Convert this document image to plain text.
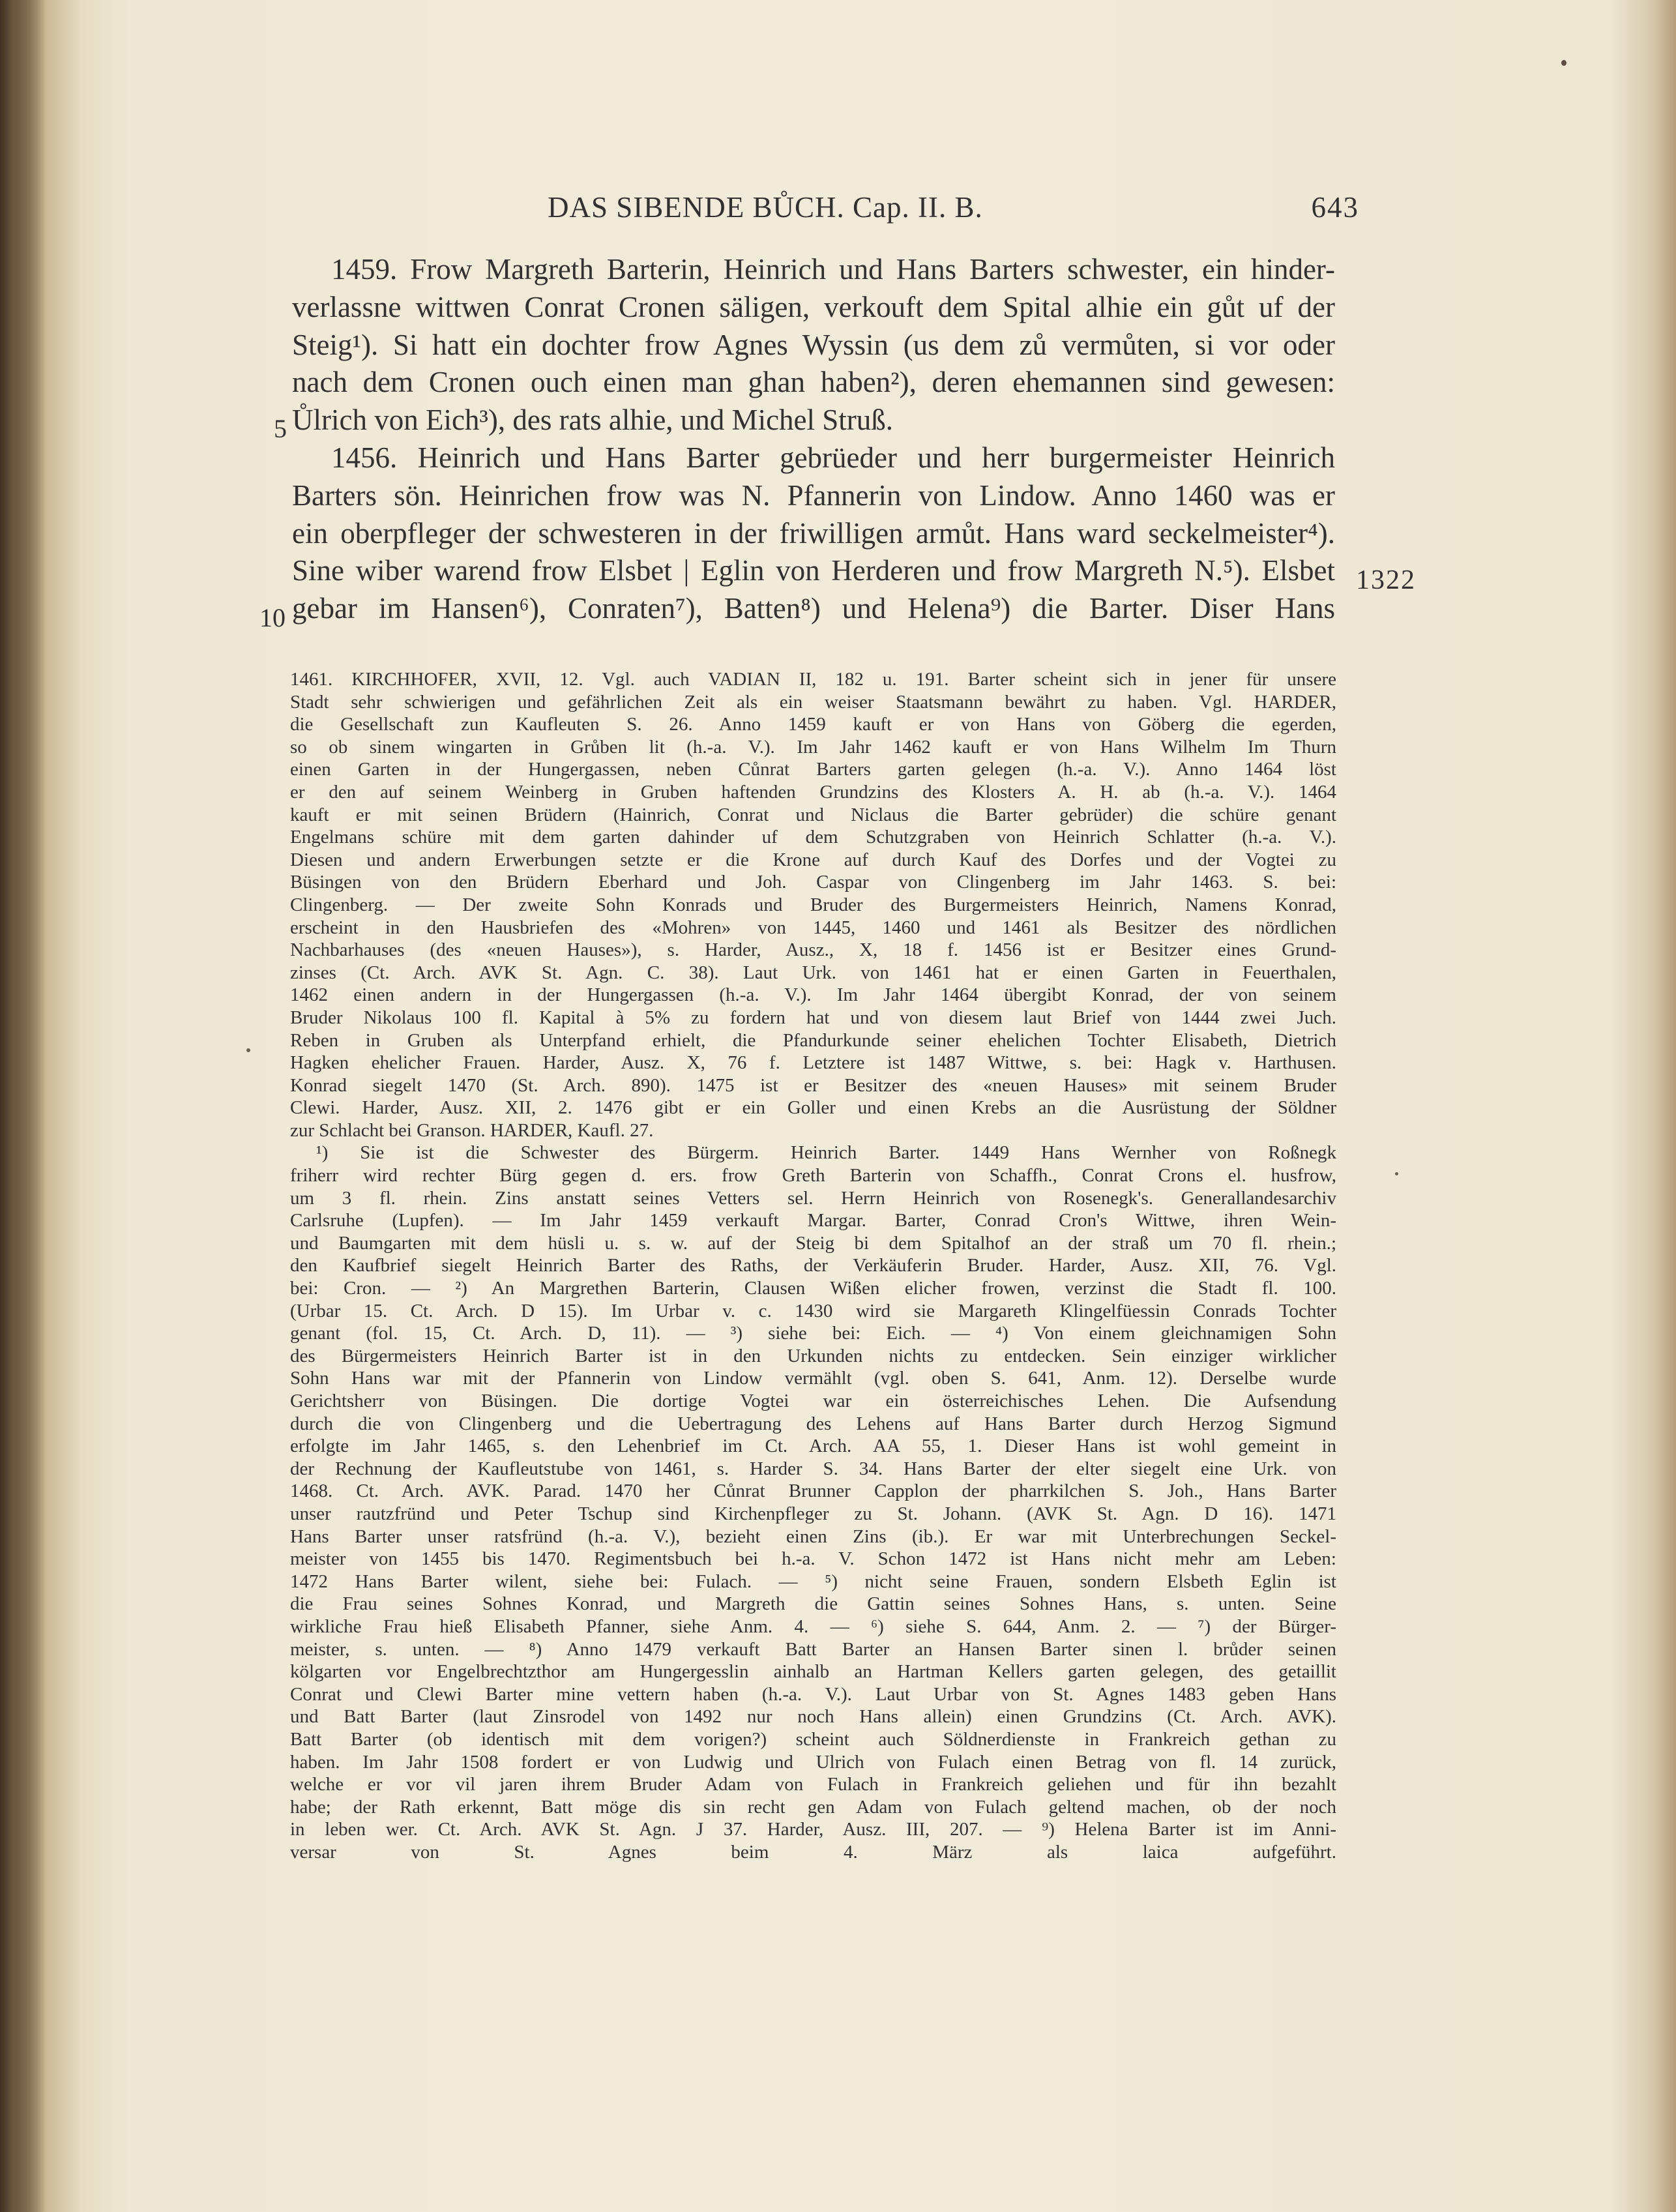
DAS SIBENDE BŮCH. Cap. II. B.	643
5
10
1322
1459. Frow Margreth Barterin, Heinrich und Hans Barters schwester, ein hinder-
verlassne wittwen Conrat Cronen säligen, verkouft dem Spital alhie ein gůt uf der
Steig¹). Si hatt ein dochter frow Agnes Wyssin (us dem zů vermůten, si vor oder
nach dem Cronen ouch einen man ghan haben²), deren ehemannen sind gewesen:
Ůlrich von Eich³), des rats alhie, und Michel Struß.
1456. Heinrich und Hans Barter gebrüeder und herr burgermeister Heinrich
Barters sön. Heinrichen frow was N. Pfannerin von Lindow. Anno 1460 was er
ein oberpfleger der schwesteren in der friwilligen armůt. Hans ward seckelmeister⁴).
Sine wiber warend frow Elsbet | Eglin von Herderen und frow Margreth N.⁵). Elsbet
gebar im Hansen⁶), Conraten⁷), Batten⁸) und Helena⁹) die Barter. Diser Hans
1461. KIRCHHOFER, XVII, 12. Vgl. auch VADIAN II, 182 u. 191. Barter scheint sich in jener für unsere
Stadt sehr schwierigen und gefährlichen Zeit als ein weiser Staatsmann bewährt zu haben. Vgl. HARDER,
die Gesellschaft zun Kaufleuten S. 26. Anno 1459 kauft er von Hans von Göberg die egerden,
so ob sinem wingarten in Grůben lit (h.-a. V.). Im Jahr 1462 kauft er von Hans Wilhelm Im Thurn
einen Garten in der Hungergassen, neben Cůnrat Barters garten gelegen (h.-a. V.). Anno 1464 löst
er den auf seinem Weinberg in Gruben haftenden Grundzins des Klosters A. H. ab (h.-a. V.). 1464
kauft er mit seinen Brüdern (Hainrich, Conrat und Niclaus die Barter gebrüder) die schüre genant
Engelmans schüre mit dem garten dahinder uf dem Schutzgraben von Heinrich Schlatter (h.-a. V.).
Diesen und andern Erwerbungen setzte er die Krone auf durch Kauf des Dorfes und der Vogtei zu
Büsingen von den Brüdern Eberhard und Joh. Caspar von Clingenberg im Jahr 1463. S. bei:
Clingenberg. — Der zweite Sohn Konrads und Bruder des Burgermeisters Heinrich, Namens Konrad,
erscheint in den Hausbriefen des «Mohren» von 1445, 1460 und 1461 als Besitzer des nördlichen
Nachbarhauses (des «neuen Hauses»), s. Harder, Ausz., X, 18 f. 1456 ist er Besitzer eines Grund-
zinses (Ct. Arch. AVK St. Agn. C. 38). Laut Urk. von 1461 hat er einen Garten in Feuerthalen,
1462 einen andern in der Hungergassen (h.-a. V.). Im Jahr 1464 übergibt Konrad, der von seinem
Bruder Nikolaus 100 fl. Kapital à 5% zu fordern hat und von diesem laut Brief von 1444 zwei Juch.
Reben in Gruben als Unterpfand erhielt, die Pfandurkunde seiner ehelichen Tochter Elisabeth, Dietrich
Hagken ehelicher Frauen. Harder, Ausz. X, 76 f. Letztere ist 1487 Wittwe, s. bei: Hagk v. Harthusen.
Konrad siegelt 1470 (St. Arch. 890). 1475 ist er Besitzer des «neuen Hauses» mit seinem Bruder
Clewi. Harder, Ausz. XII, 2. 1476 gibt er ein Goller und einen Krebs an die Ausrüstung der Söldner
zur Schlacht bei Granson. HARDER, Kaufl. 27.
¹) Sie ist die Schwester des Bürgerm. Heinrich Barter. 1449 Hans Wernher von Roßnegk
friherr wird rechter Bürg gegen d. ers. frow Greth Barterin von Schaffh., Conrat Crons el. husfrow,
um 3 fl. rhein. Zins anstatt seines Vetters sel. Herrn Heinrich von Rosenegk's. Generallandesarchiv
Carlsruhe (Lupfen). — Im Jahr 1459 verkauft Margar. Barter, Conrad Cron's Wittwe, ihren Wein-
und Baumgarten mit dem hüsli u. s. w. auf der Steig bi dem Spitalhof an der straß um 70 fl. rhein.;
den Kaufbrief siegelt Heinrich Barter des Raths, der Verkäuferin Bruder. Harder, Ausz. XII, 76. Vgl.
bei: Cron. — ²) An Margrethen Barterin, Clausen Wißen elicher frowen, verzinst die Stadt fl. 100.
(Urbar 15. Ct. Arch. D 15). Im Urbar v. c. 1430 wird sie Margareth Klingelfüessin Conrads Tochter
genant (fol. 15, Ct. Arch. D, 11). — ³) siehe bei: Eich. — ⁴) Von einem gleichnamigen Sohn
des Bürgermeisters Heinrich Barter ist in den Urkunden nichts zu entdecken. Sein einziger wirklicher
Sohn Hans war mit der Pfannerin von Lindow vermählt (vgl. oben S. 641, Anm. 12). Derselbe wurde
Gerichtsherr von Büsingen. Die dortige Vogtei war ein österreichisches Lehen. Die Aufsendung
durch die von Clingenberg und die Uebertragung des Lehens auf Hans Barter durch Herzog Sigmund
erfolgte im Jahr 1465, s. den Lehenbrief im Ct. Arch. AA 55, 1. Dieser Hans ist wohl gemeint in
der Rechnung der Kaufleutstube von 1461, s. Harder S. 34. Hans Barter der elter siegelt eine Urk. von
1468. Ct. Arch. AVK. Parad. 1470 her Cůnrat Brunner Capplon der pharrkilchen S. Joh., Hans Barter
unser rautzfründ und Peter Tschup sind Kirchenpfleger zu St. Johann. (AVK St. Agn. D 16). 1471
Hans Barter unser ratsfründ (h.-a. V.), bezieht einen Zins (ib.). Er war mit Unterbrechungen Seckel-
meister von 1455 bis 1470. Regimentsbuch bei h.-a. V. Schon 1472 ist Hans nicht mehr am Leben:
1472 Hans Barter wilent, siehe bei: Fulach. — ⁵) nicht seine Frauen, sondern Elsbeth Eglin ist
die Frau seines Sohnes Konrad, und Margreth die Gattin seines Sohnes Hans, s. unten. Seine
wirkliche Frau hieß Elisabeth Pfanner, siehe Anm. 4. — ⁶) siehe S. 644, Anm. 2. — ⁷) der Bürger-
meister, s. unten. — ⁸) Anno 1479 verkauft Batt Barter an Hansen Barter sinen l. brůder seinen
kölgarten vor Engelbrechtzthor am Hungergesslin ainhalb an Hartman Kellers garten gelegen, des getaillit
Conrat und Clewi Barter mine vettern haben (h.-a. V.). Laut Urbar von St. Agnes 1483 geben Hans
und Batt Barter (laut Zinsrodel von 1492 nur noch Hans allein) einen Grundzins (Ct. Arch. AVK).
Batt Barter (ob identisch mit dem vorigen?) scheint auch Söldnerdienste in Frankreich gethan zu
haben. Im Jahr 1508 fordert er von Ludwig und Ulrich von Fulach einen Betrag von fl. 14 zurück,
welche er vor vil jaren ihrem Bruder Adam von Fulach in Frankreich geliehen und für ihn bezahlt
habe; der Rath erkennt, Batt möge dis sin recht gen Adam von Fulach geltend machen, ob der noch
in leben wer. Ct. Arch. AVK St. Agn. J 37. Harder, Ausz. III, 207. — ⁹) Helena Barter ist im Anni-
versar von St. Agnes beim 4. März als laica aufgeführt.
